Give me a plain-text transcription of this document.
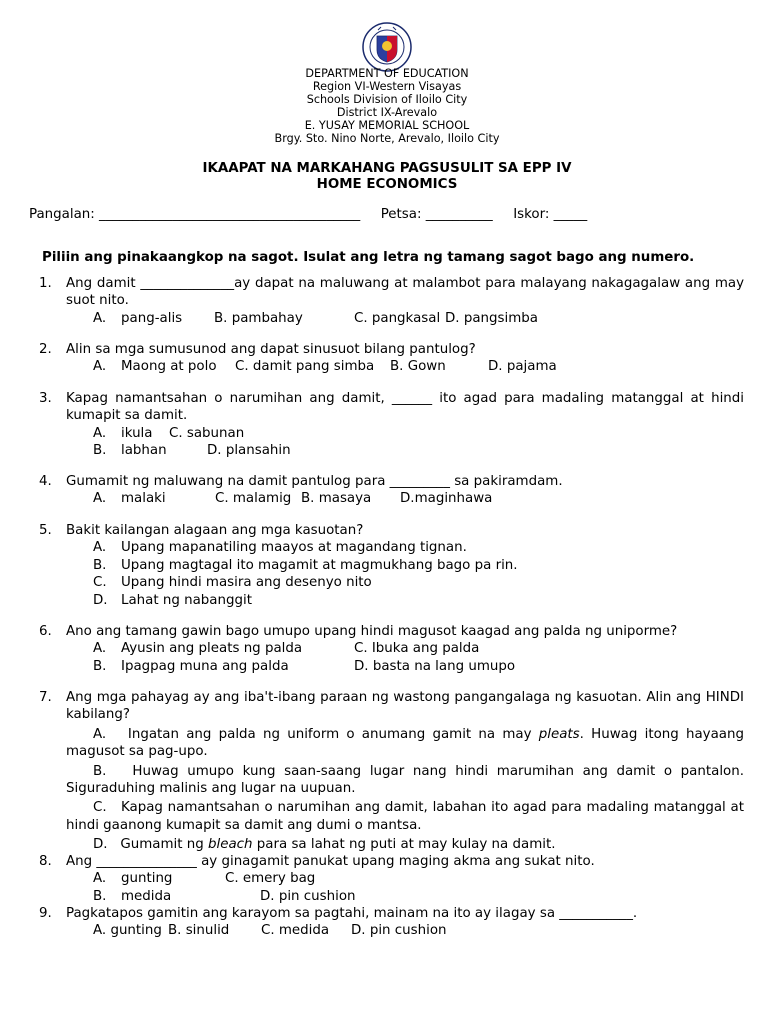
DEPARTMENT OF EDUCATION
Region VI-Western Visayas
Schools Division of Iloilo City
District IX-Arevalo
E. YUSAY MEMORIAL SCHOOL
Brgy. Sto. Nino Norte, Arevalo, Iloilo City
IKAAPAT NA MARKAHANG PAGSUSULIT SA EPP IV
HOME ECONOMICS
Pangalan: _______________________________________ Petsa: __________ Iskor: _____
Piliin ang pinakaangkop na sagot. Isulat ang letra ng tamang sagot bago ang numero.
1. Ang damit ______________ay dapat na maluwang at malambot para malayang nakagagalaw ang may suot nito.
A. pang-alis B. pambahay	C. pangkasal D. pangsimba
2. Alin sa mga sumusunod ang dapat sinusuot bilang pantulog?
A. Maong at polo C. damit pang simba B. Gown	D. pajama
3. Kapag namantsahan o narumihan ang damit, ______ ito agad para madaling matanggal at hindi kumapit sa damit.
A. ikula C. sabunan
B. labhan	D. plansahin
4. Gumamit ng maluwang na damit pantulog para _________ sa pakiramdam.
A. malaki	C. malamig B. masaya D.maginhawa
5. Bakit kailangan alagaan ang mga kasuotan?
A. Upang mapanatiling maayos at magandang tignan.
B. Upang magtagal ito magamit at magmukhang bago pa rin.
C. Upang hindi masira ang desenyo nito
D. Lahat ng nabanggit
6. Ano ang tamang gawin bago umupo upang hindi magusot kaagad ang palda ng uniporme?
A. Ayusin ang pleats ng palda	C. Ibuka ang palda
B. Ipagpag muna ang palda	D. basta na lang umupo
7. Ang mga pahayag ay ang iba't-ibang paraan ng wastong pangangalaga ng kasuotan. Alin ang HINDI kabilang?
A. Ingatan ang palda ng uniform o anumang gamit na may pleats. Huwag itong hayaang magusot sa pag-upo.
B. Huwag umupo kung saan-saang lugar nang hindi marumihan ang damit o pantalon. Siguraduhing malinis ang lugar na uupuan.
C. Kapag namantsahan o narumihan ang damit, labahan ito agad para madaling matanggal at hindi gaanong kumapit sa damit ang dumi o mantsa.
D. Gumamit ng bleach para sa lahat ng puti at may kulay na damit.
8. Ang _______________ ay ginagamit panukat upang maging akma ang sukat nito.
A. gunting	C. emery bag
B. medida	D. pin cushion
9. Pagkatapos gamitin ang karayom sa pagtahi, mainam na ito ay ilagay sa ___________.
A. gunting B. sinulid C. medida D. pin cushion
